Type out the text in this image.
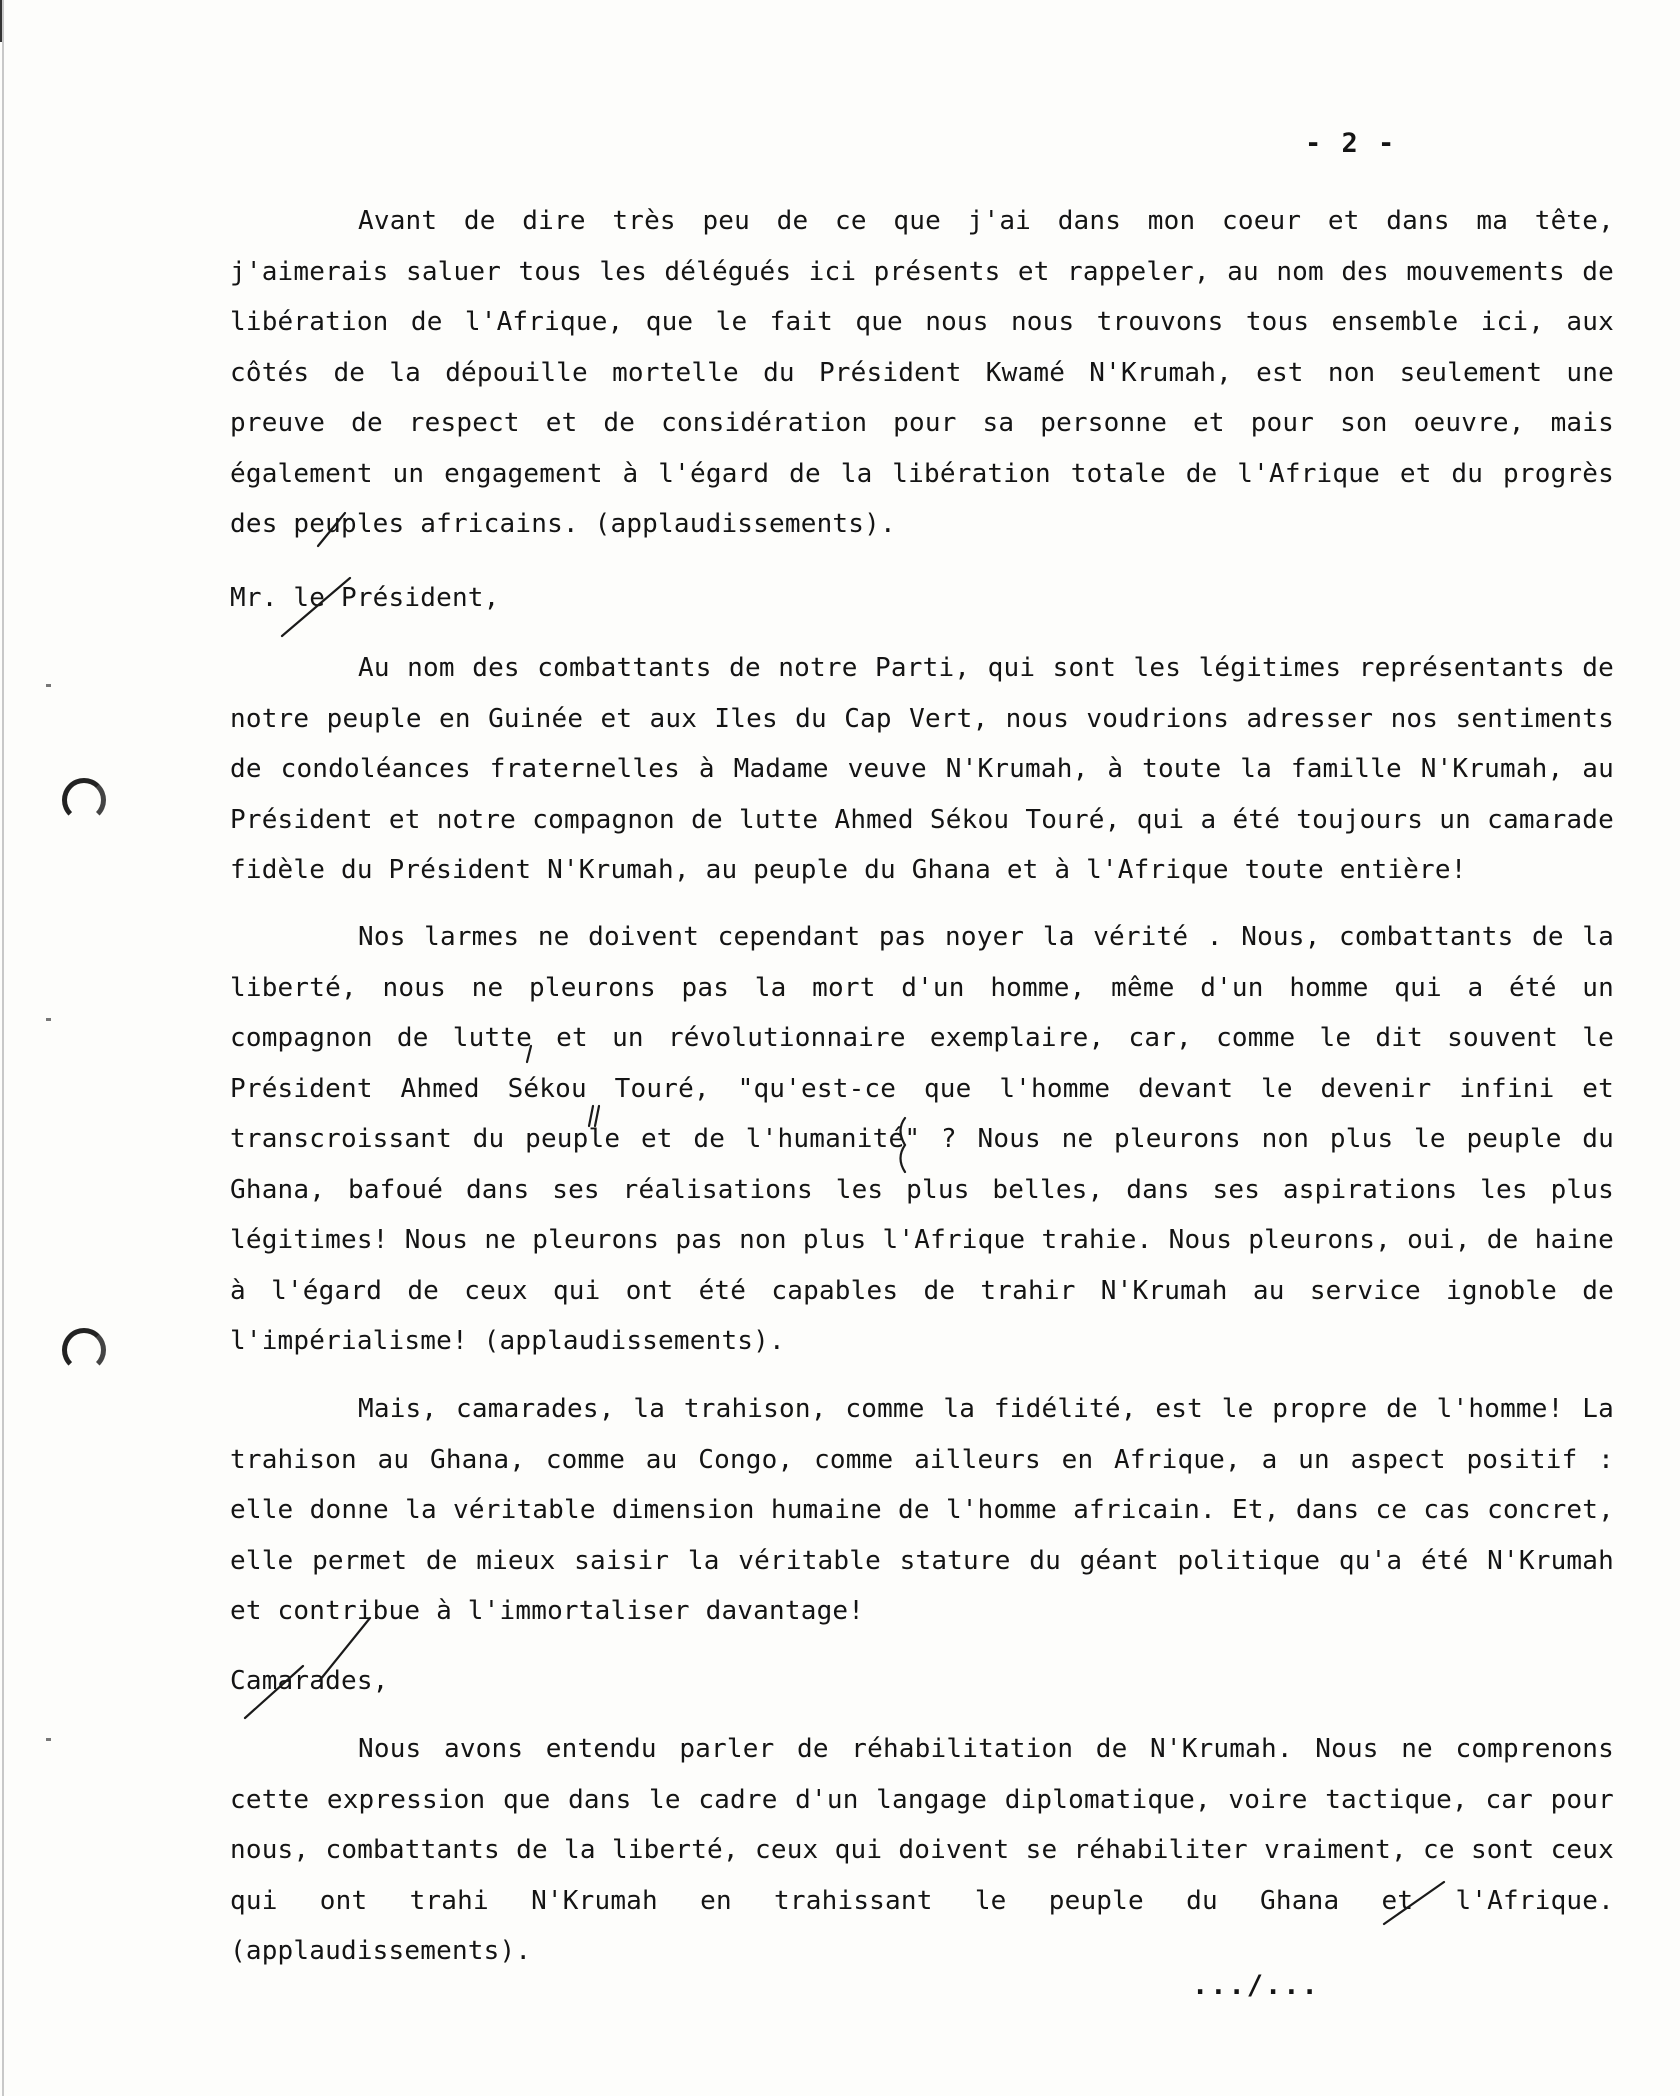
- 2 -

Avant de dire très peu de ce que j'ai dans mon coeur et dans ma tête, j'aimerais saluer tous les délégués ici présents et rappeler, au nom des mouvements de libération de l'Afrique, que le fait que nous nous trouvons tous ensemble ici, aux côtés de la dépouille mortelle du Président Kwamé N'Krumah, est non seulement une preuve de respect et de considération pour sa personne et pour son oeuvre, mais également un engagement à l'égard de la libération totale de l'Afrique et du progrès des peuples africains. (applaudissements).

Mr. le Président,

Au nom des combattants de notre Parti, qui sont les légitimes représentants de notre peuple en Guinée et aux Iles du Cap Vert, nous voudrions adresser nos sentiments de condoléances fraternelles à Madame veuve N'Krumah, à toute la famille N'Krumah, au Président et notre compagnon de lutte Ahmed Sékou Touré, qui a été toujours un camarade fidèle du Président N'Krumah, au peuple du Ghana et à l'Afrique toute entière!

Nos larmes ne doivent cependant pas noyer la vérité . Nous, combattants de la liberté, nous ne pleurons pas la mort d'un homme, même d'un homme qui a été un compagnon de lutte et un révolutionnaire exemplaire, car, comme le dit souvent le Président Ahmed Sékou Touré, "qu'est-ce que l'homme devant le devenir infini et transcroissant du peuple et de l'humanité" ? Nous ne pleurons non plus le peuple du Ghana, bafoué dans ses réalisations les plus belles, dans ses aspirations les plus légitimes! Nous ne pleurons pas non plus l'Afrique trahie. Nous pleurons, oui, de haine à l'égard de ceux qui ont été capables de trahir N'Krumah au service ignoble de l'impérialisme! (applaudissements).

Mais, camarades, la trahison, comme la fidélité, est le propre de l'homme! La trahison au Ghana, comme au Congo, comme ailleurs en Afrique, a un aspect positif : elle donne la véritable dimension humaine de l'homme africain. Et, dans ce cas concret, elle permet de mieux saisir la véritable stature du géant politique qu'a été N'Krumah et contribue à l'immortaliser davantage!

Camarades,

Nous avons entendu parler de réhabilitation de N'Krumah. Nous ne comprenons cette expression que dans le cadre d'un langage diplomatique, voire tactique, car pour nous, combattants de la liberté, ceux qui doivent se réhabiliter vraiment, ce sont ceux qui ont trahi N'Krumah en trahissant le peuple du Ghana et l'Afrique. (applaudissements).

.../...
